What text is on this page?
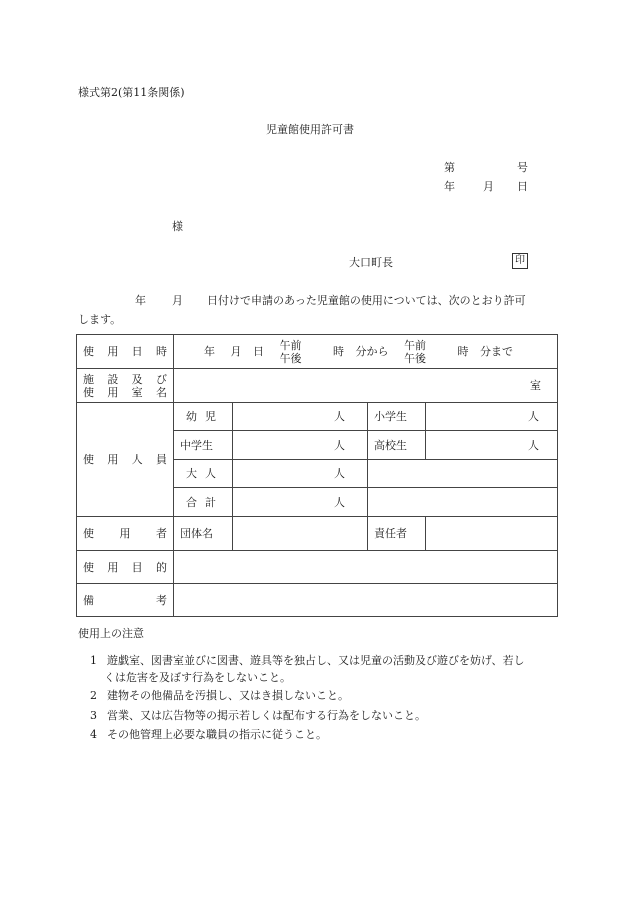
様式第2(第11条関係)
児童館使用許可書
第	号
年	月 日
様
大口町長	印
年 月 日付けで申請のあった児童館の使用については、次のとおり許可
します。
使用日時	年 月 日 午前
午後 時 分から 午前
午後 時 分まで			

施設及び
使用室名	室			

使用人員	幼児	人	小学生	人
	中学生	人	高校生	人

	大人	人		

	合計	人		

使用者	団体名		責任者	

使用目的				

備考				

使用上の注意
1 遊戯室、図書室並びに図書、遊具等を独占し、又は児童の活動及び遊びを妨げ、若し
くは危害を及ぼす行為をしないこと。
2 建物その他備品を汚損し、又はき損しないこと。
3 営業、又は広告物等の掲示若しくは配布する行為をしないこと。
4 その他管理上必要な職員の指示に従うこと。
